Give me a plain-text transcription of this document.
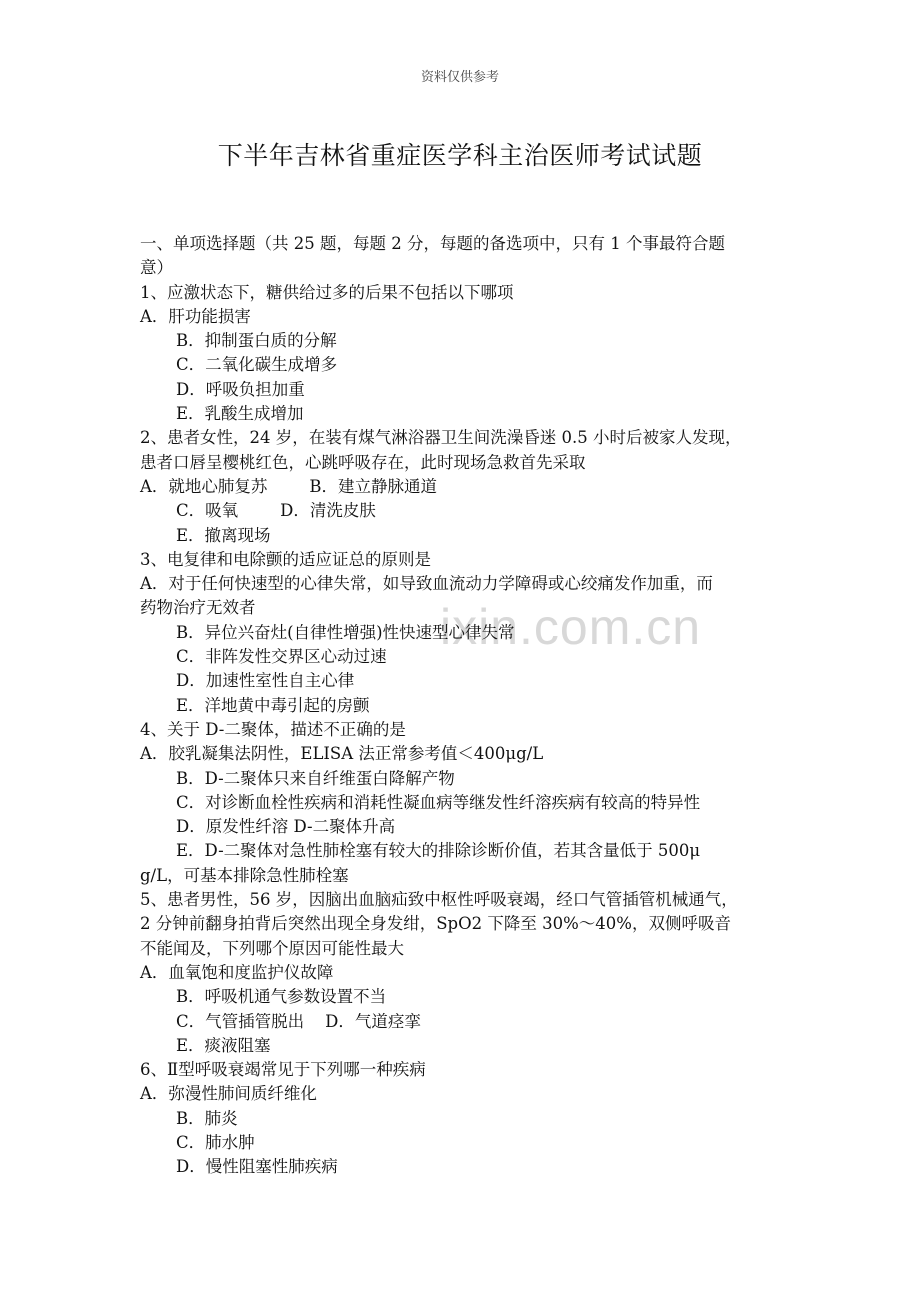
资料仅供参考
下半年吉林省重症医学科主治医师考试试题
ixin.com.cn
一、单项选择题（共 25 题，每题 2 分，每题的备选项中，只有 1 个事最符合题
意）
1、应激状态下，糖供给过多的后果不包括以下哪项
A．肝功能损害
B．抑制蛋白质的分解
C．二氧化碳生成增多
D．呼吸负担加重
E．乳酸生成增加
2、患者女性，24 岁，在装有煤气淋浴器卫生间洗澡昏迷 0.5 小时后被家人发现，
患者口唇呈樱桃红色，心跳呼吸存在，此时现场急救首先采取
A．就地心肺复苏        B．建立静脉通道
C．吸氧        D．清洗皮肤
E．撤离现场
3、电复律和电除颤的适应证总的原则是
A．对于任何快速型的心律失常，如导致血流动力学障碍或心绞痛发作加重，而
药物治疗无效者
B．异位兴奋灶(自律性增强)性快速型心律失常
C．非阵发性交界区心动过速
D．加速性室性自主心律
E．洋地黄中毒引起的房颤
4、关于 D-二聚体，描述不正确的是
A．胶乳凝集法阴性，ELISA 法正常参考值＜400μg/L
B．D-二聚体只来自纤维蛋白降解产物
C．对诊断血栓性疾病和消耗性凝血病等继发性纤溶疾病有较高的特异性
D．原发性纤溶 D-二聚体升高
E．D-二聚体对急性肺栓塞有较大的排除诊断价值，若其含量低于 500μ
g/L，可基本排除急性肺栓塞
5、患者男性，56 岁，因脑出血脑疝致中枢性呼吸衰竭，经口气管插管机械通气，
2 分钟前翻身拍背后突然出现全身发绀，SpO2 下降至 30%～40%，双侧呼吸音
不能闻及，下列哪个原因可能性最大
A．血氧饱和度监护仪故障
B．呼吸机通气参数设置不当
C．气管插管脱出    D．气道痉挛
E．痰液阻塞
6、Ⅱ型呼吸衰竭常见于下列哪一种疾病
A．弥漫性肺间质纤维化
B．肺炎
C．肺水肿
D．慢性阻塞性肺疾病
